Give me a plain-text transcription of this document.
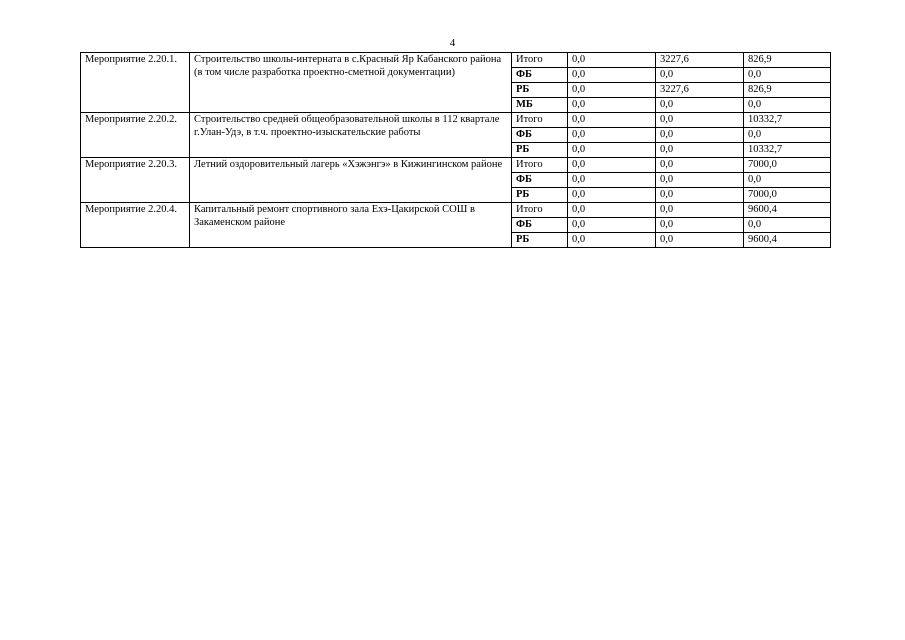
4
Мероприятие 2.20.1.	Строительство школы-интерната в с.Красный Яр Кабанского района (в том числе разработка проектно-сметной документации)	Итого	0,0	3227,6	826,9
		ФБ	0,0	0,0	0,0
		РБ	0,0	3227,6	826,9
		МБ	0,0	0,0	0,0
Мероприятие 2.20.2.	Строительство средней общеобразовательной школы в 112 квартале г.Улан-Удэ, в т.ч. проектно-изыскательские работы	Итого	0,0	0,0	10332,7
		ФБ	0,0	0,0	0,0
		РБ	0,0	0,0	10332,7
Мероприятие 2.20.3.	Летний оздоровительный лагерь «Хэжэнгэ» в Кижингинском районе	Итого	0,0	0,0	7000,0
		ФБ	0,0	0,0	0,0
		РБ	0,0	0,0	7000,0
Мероприятие 2.20.4.	Капитальный ремонт спортивного зала Ехэ-Цакирской СОШ в Закаменском районе	Итого	0,0	0,0	9600,4
		ФБ	0,0	0,0	0,0
		РБ	0,0	0,0	9600,4
